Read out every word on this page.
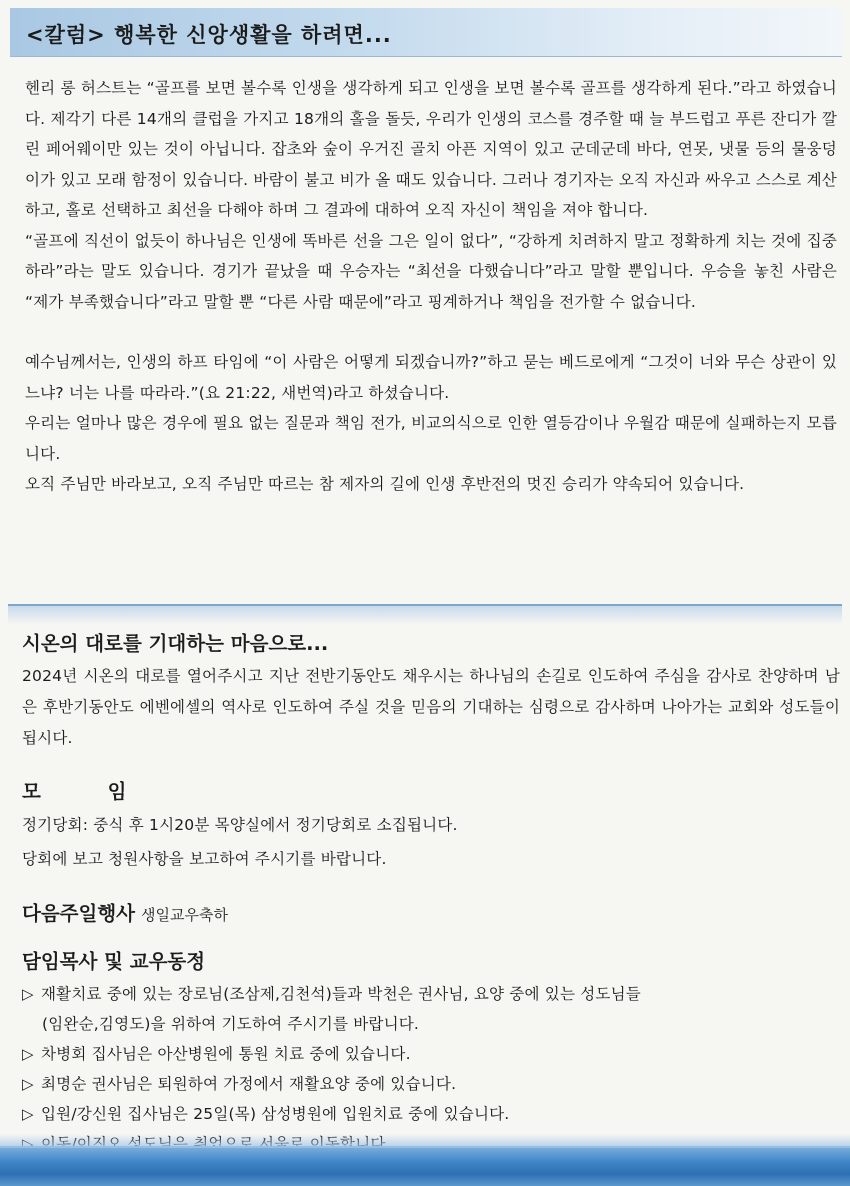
<칼럼> 행복한 신앙생활을 하려면...

헨리 롱 허스트는 “골프를 보면 볼수록 인생을 생각하게 되고 인생을 보면 볼수록 골프를 생각하게 된다.”라고 하였습니다. 제각기 다른 14개의 클럽을 가지고 18개의 홀을 돌듯, 우리가 인생의 코스를 경주할 때 늘 부드럽고 푸른 잔디가 깔린 페어웨이만 있는 것이 아닙니다. 잡초와 숲이 우거진 골치 아픈 지역이 있고 군데군데 바다, 연못, 냇물 등의 물웅덩이가 있고 모래 함정이 있습니다. 바람이 불고 비가 올 때도 있습니다. 그러나 경기자는 오직 자신과 싸우고 스스로 계산하고, 홀로 선택하고 최선을 다해야 하며 그 결과에 대하여 오직 자신이 책임을 져야 합니다.

“골프에 직선이 없듯이 하나님은 인생에 똑바른 선을 그은 일이 없다”, “강하게 치려하지 말고 정확하게 치는 것에 집중하라”라는 말도 있습니다. 경기가 끝났을 때 우승자는 “최선을 다했습니다”라고 말할 뿐입니다. 우승을 놓친 사람은 “제가 부족했습니다”라고 말할 뿐 “다른 사람 때문에”라고 핑계하거나 책임을 전가할 수 없습니다.

예수님께서는, 인생의 하프 타임에 “이 사람은 어떻게 되겠습니까?”하고 묻는 베드로에게 “그것이 너와 무슨 상관이 있느냐? 너는 나를 따라라.”(요 21:22, 새번역)라고 하셨습니다.

우리는 얼마나 많은 경우에 필요 없는 질문과 책임 전가, 비교의식으로 인한 열등감이나 우월감 때문에 실패하는지 모릅니다.

오직 주님만 바라보고, 오직 주님만 따르는 참 제자의 길에 인생 후반전의 멋진 승리가 약속되어 있습니다.

시온의 대로를 기대하는 마음으로...

2024년 시온의 대로를 열어주시고 지난 전반기동안도 채우시는 하나님의 손길로 인도하여 주심을 감사로 찬양하며 남은 후반기동안도 에벤에셀의 역사로 인도하여 주실 것을 믿음의 기대하는 심령으로 감사하며 나아가는 교회와 성도들이 됩시다.

모 임

정기당회: 중식 후 1시20분 목양실에서 정기당회로 소집됩니다.

당회에 보고 청원사항을 보고하여 주시기를 바랍니다.

다음주일행사 생일교우축하
담임목사 및 교우동정
▷ 재활치료 중에 있는 장로님(조삼제,김천석)들과 박천은 권사님, 요양 중에 있는 성도님들
(임완순,김영도)을 위하여 기도하여 주시기를 바랍니다.
▷ 차병회 집사님은 아산병원에 통원 치료 중에 있습니다.
▷ 최명순 권사님은 퇴원하여 가정에서 재활요양 중에 있습니다.
▷ 입원/강신원 집사님은 25일(목) 삼성병원에 입원치료 중에 있습니다.
